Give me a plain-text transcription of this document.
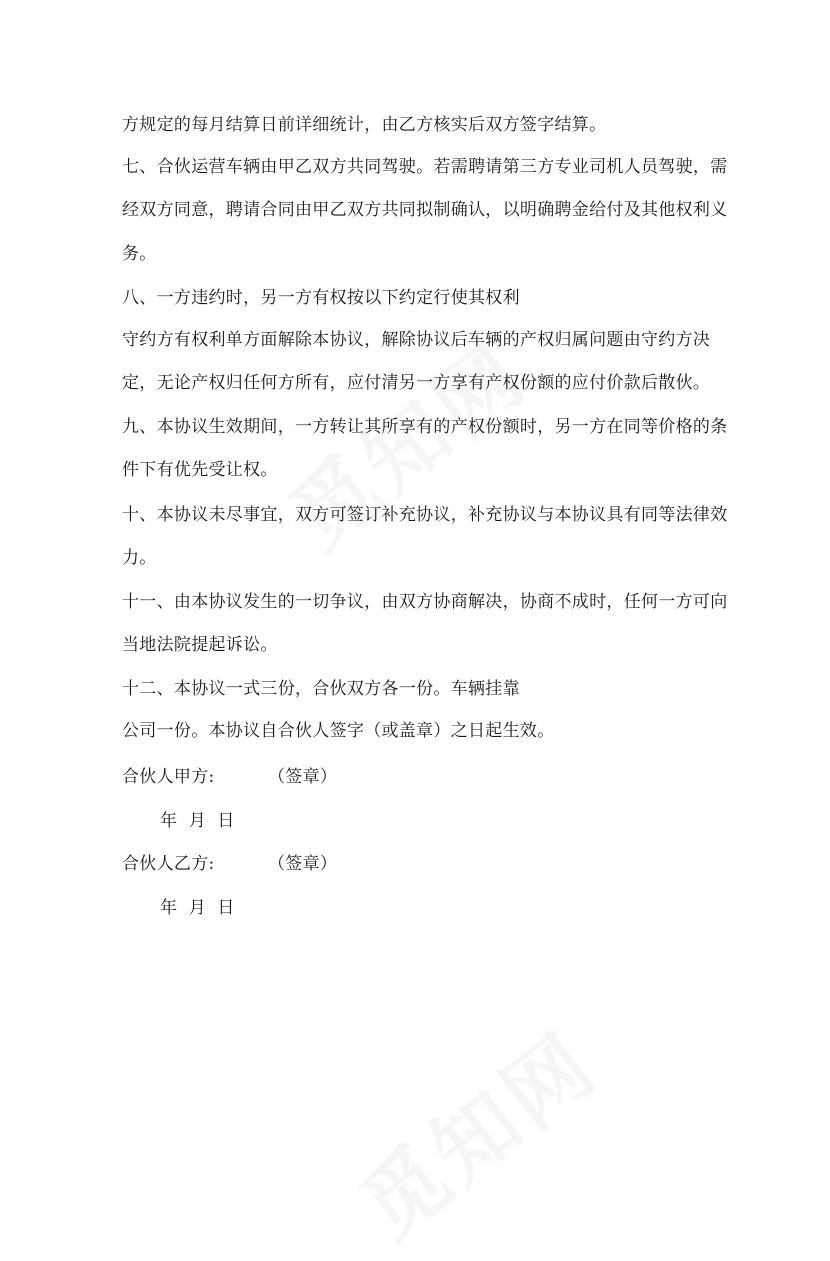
方规定的每月结算日前详细统计，由乙方核实后双方签字结算。
七、合伙运营车辆由甲乙双方共同驾驶。若需聘请第三方专业司机人员驾驶，需
经双方同意，聘请合同由甲乙双方共同拟制确认，以明确聘金给付及其他权利义
务。
八、一方违约时，另一方有权按以下约定行使其权利
守约方有权利单方面解除本协议，解除协议后车辆的产权归属问题由守约方决
定，无论产权归任何方所有，应付清另一方享有产权份额的应付价款后散伙。
九、本协议生效期间，一方转让其所享有的产权份额时，另一方在同等价格的条
件下有优先受让权。
十、本协议未尽事宜，双方可签订补充协议，补充协议与本协议具有同等法律效
力。
十一、由本协议发生的一切争议，由双方协商解决，协商不成时，任何一方可向
当地法院提起诉讼。
十二、本协议一式三份，合伙双方各一份。车辆挂靠
公司一份。本协议自合伙人签字（或盖章）之日起生效。
合伙人甲方:	（签章）
年  月  日
合伙人乙方:	（签章）
年  月  日
